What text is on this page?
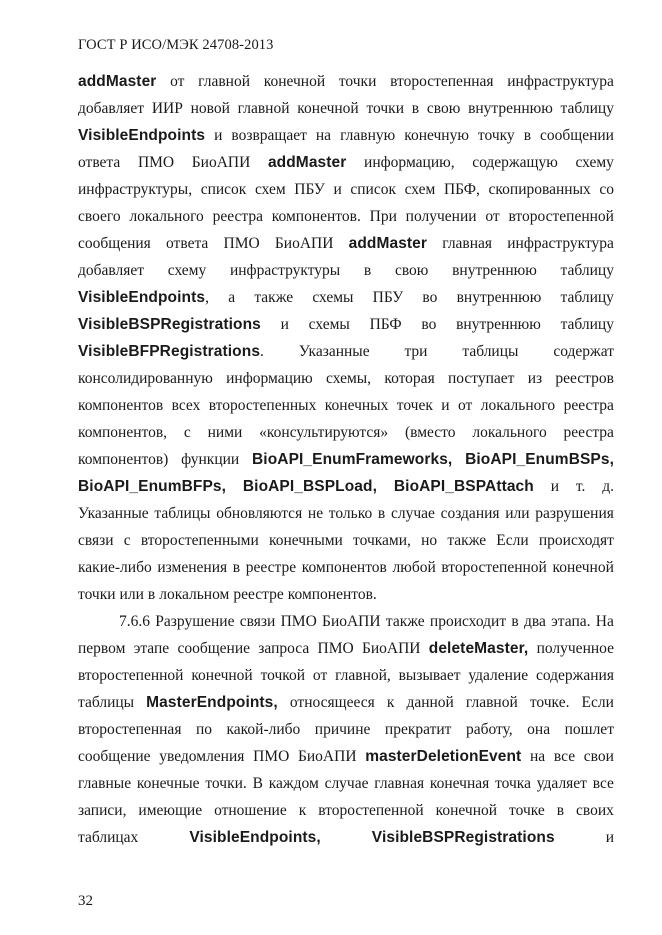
ГОСТ Р ИСО/МЭК 24708-2013
addMaster от главной конечной точки второстепенная инфраструктура
добавляет ИИР новой главной конечной точки в свою внутреннюю таблицу
VisibleEndpoints и возвращает на главную конечную точку в сообщении
ответа ПМО БиоАПИ addMaster информацию, содержащую схему
инфраструктуры, список схем ПБУ и список схем ПБФ, скопированных со
своего локального реестра компонентов. При получении от второстепенной
сообщения ответа ПМО БиоАПИ addMaster главная инфраструктура
добавляет схему инфраструктуры в свою внутреннюю таблицу
VisibleEndpoints, а также схемы ПБУ во внутреннюю таблицу
VisibleBSPRegistrations и схемы ПБФ во внутреннюю таблицу
VisibleBFPRegistrations. Указанные три таблицы содержат
консолидированную информацию схемы, которая поступает из реестров
компонентов всех второстепенных конечных точек и от локального реестра
компонентов, с ними «консультируются» (вместо локального реестра
компонентов) функции BioAPI_EnumFrameworks, BioAPI_EnumBSPs,
BioAPI_EnumBFPs, BioAPI_BSPLoad, BioAPI_BSPAttach и т. д.
Указанные таблицы обновляются не только в случае создания или разрушения
связи с второстепенными конечными точками, но также Если происходят
какие-либо изменения в реестре компонентов любой второстепенной конечной
точки или в локальном реестре компонентов.
7.6.6 Разрушение связи ПМО БиоАПИ также происходит в два этапа. На
первом этапе сообщение запроса ПМО БиоАПИ deleteMaster, полученное
второстепенной конечной точкой от главной, вызывает удаление содержания
таблицы MasterEndpoints, относящееся к данной главной точке. Если
второстепенная по какой-либо причине прекратит работу, она пошлет
сообщение уведомления ПМО БиоАПИ masterDeletionEvent на все свои
главные конечные точки. В каждом случае главная конечная точка удаляет все
записи, имеющие отношение к второстепенной конечной точке в своих
таблицах	VisibleEndpoints,	VisibleBSPRegistrations	и
32
